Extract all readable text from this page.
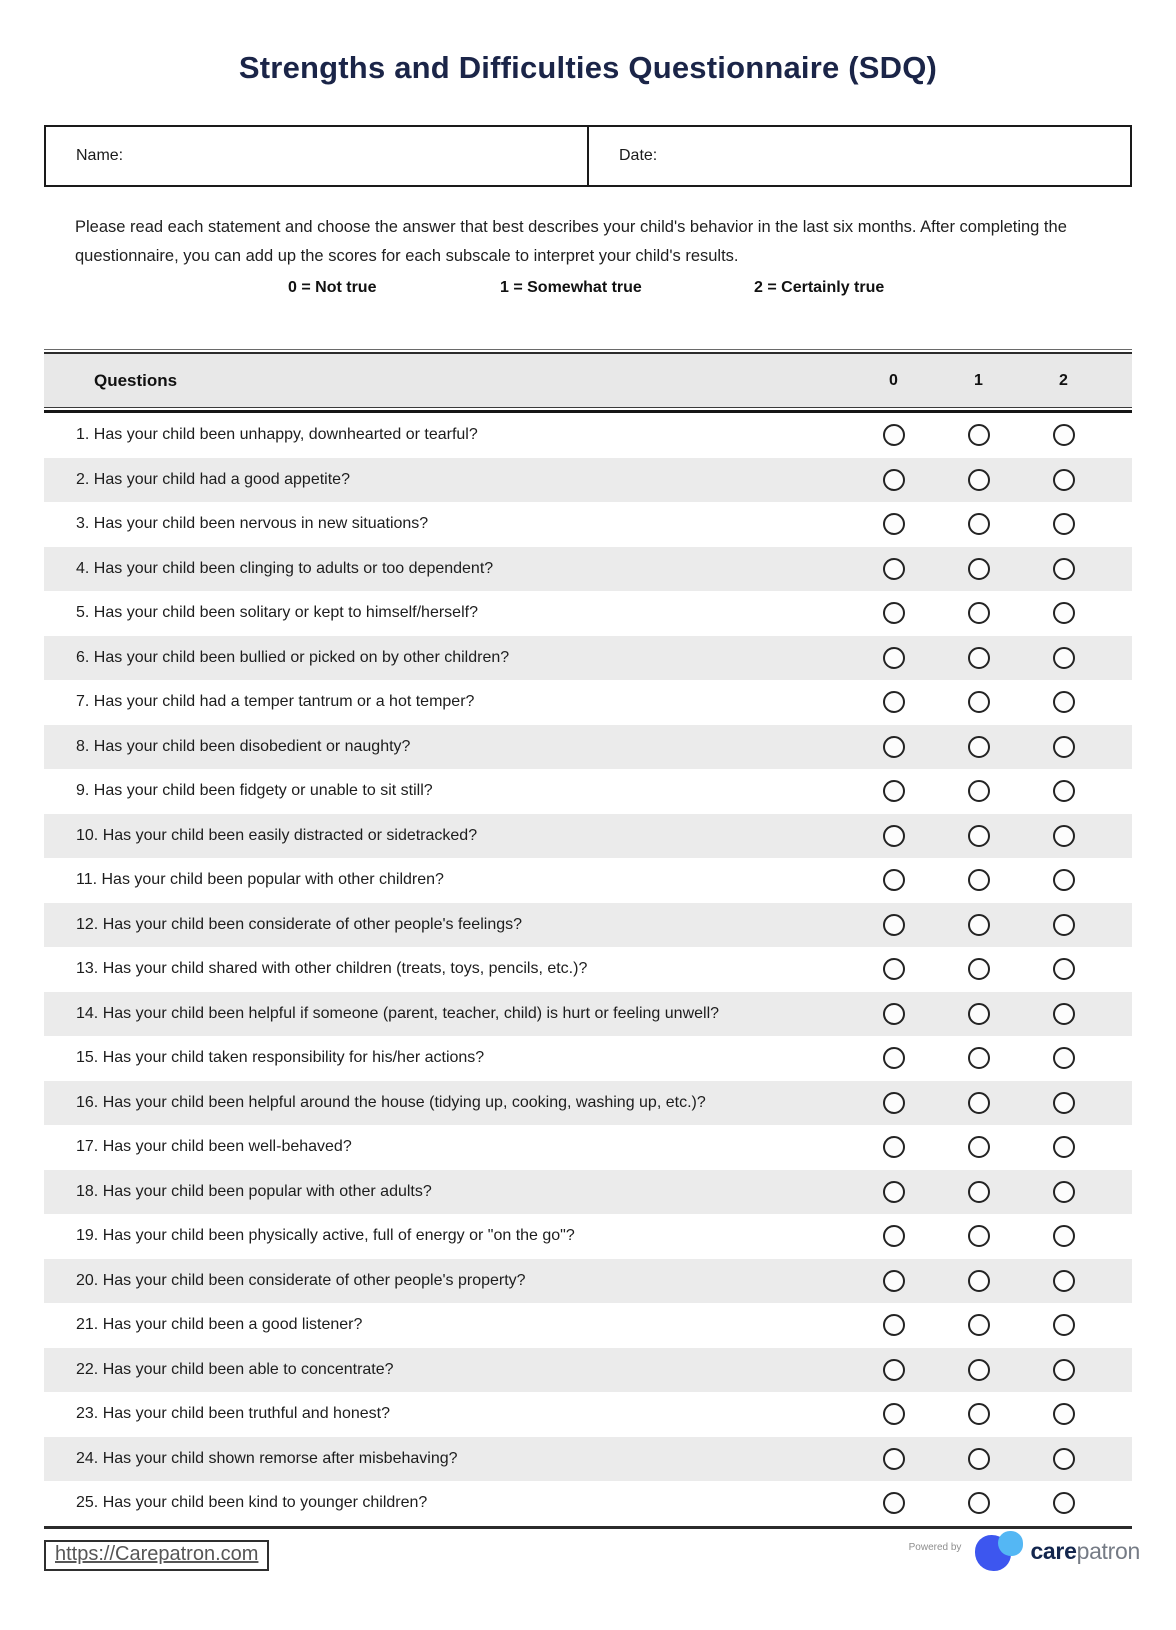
Strengths and Difficulties Questionnaire (SDQ)
Name:	Date:
Please read each statement and choose the answer that best describes your child's behavior in the last six months. After completing the questionnaire, you can add up the scores for each subscale to interpret your child's results.
0 = Not true	1 = Somewhat true	2 = Certainly true
Questions	0	1	2
1. Has your child been unhappy, downhearted or tearful?
2. Has your child had a good appetite?
3. Has your child been nervous in new situations?
4. Has your child been clinging to adults or too dependent?
5. Has your child been solitary or kept to himself/herself?
6. Has your child been bullied or picked on by other children?
7. Has your child had a temper tantrum or a hot temper?
8. Has your child been disobedient or naughty?
9. Has your child been fidgety or unable to sit still?
10. Has your child been easily distracted or sidetracked?
11. Has your child been popular with other children?
12. Has your child been considerate of other people's feelings?
13. Has your child shared with other children (treats, toys, pencils, etc.)?
14. Has your child been helpful if someone (parent, teacher, child) is hurt or feeling unwell?
15. Has your child taken responsibility for his/her actions?
16. Has your child been helpful around the house (tidying up, cooking, washing up, etc.)?
17. Has your child been well-behaved?
18. Has your child been popular with other adults?
19. Has your child been physically active, full of energy or "on the go"?
20. Has your child been considerate of other people's property?
21. Has your child been a good listener?
22. Has your child been able to concentrate?
23. Has your child been truthful and honest?
24. Has your child shown remorse after misbehaving?
25. Has your child been kind to younger children?
https://Carepatron.com	Powered by	carepatron
